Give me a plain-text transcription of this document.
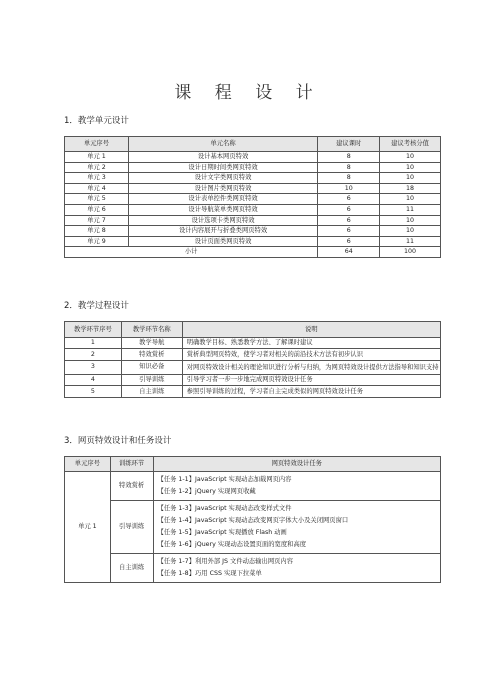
课 程 设 计
1．教学单元设计
单元序号	单元名称	建议课时	建议考核分值
单元 1	设计基本网页特效	8	10
单元 2	设计日期时间类网页特效	8	10
单元 3	设计文字类网页特效	8	10
单元 4	设计图片类网页特效	10	18
单元 5	设计表单控件类网页特效	6	10
单元 6	设计导航菜单类网页特效	6	11
单元 7	设计选项卡类网页特效	6	10
单元 8	设计内容展开与折叠类网页特效	6	10
单元 9	设计页面类网页特效	6	11
小计		64	100
2．教学过程设计
教学环节序号	教学环节名称	说明
1	教学导航	明确教学目标、熟悉教学方法、了解课时建议
2	特效赏析	赏析典型网页特效，使学习者对相关的前沿技术方法有初步认识
3	知识必备	对网页特效设计相关的理论知识进行分析与归纳，为网页特效设计提供方法指导和知识支持
4	引导训练	引导学习者一步一步地完成网页特效设计任务
5	自主训练	参照引导训练的过程，学习者自主完成类似的网页特效设计任务
3．网页特效设计和任务设计
单元序号	训练环节	网页特效设计任务
单元 1	特效赏析	【任务 1-1】JavaScript 实现动态加载网页内容
【任务 1-2】jQuery 实现网页收藏

	引导训练	【任务 1-3】JavaScript 实现动态改变样式文件
【任务 1-4】JavaScript 实现动态改变网页字体大小及关闭网页窗口
【任务 1-5】JavaScript 实现播放 Flash 动画
【任务 1-6】jQuery 实现动态设置页面的宽度和高度

	自主训练	【任务 1-7】利用外部 JS 文件动态输出网页内容
【任务 1-8】巧用 CSS 实现下拉菜单
